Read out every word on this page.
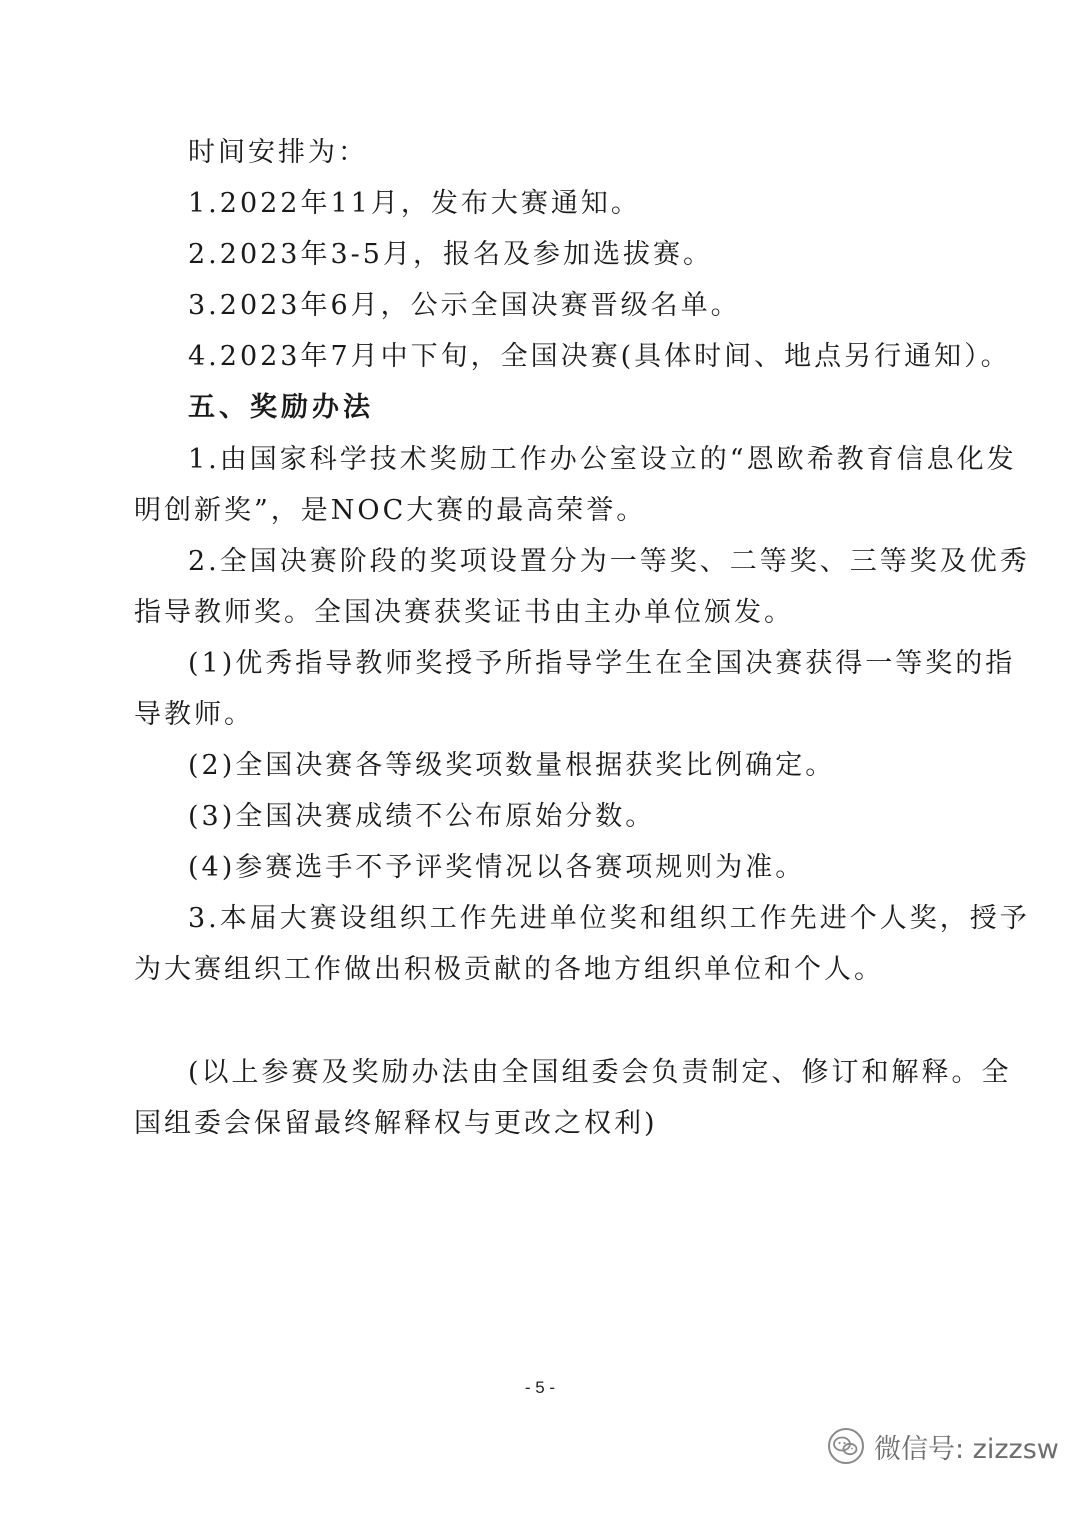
时间安排为：
1.2022年11月，发布大赛通知。
2.2023年3-5月，报名及参加选拔赛。
3.2023年6月，公示全国决赛晋级名单。
4.2023年7月中下旬，全国决赛(具体时间、地点另行通知）。
五、奖励办法
1.由国家科学技术奖励工作办公室设立的“恩欧希教育信息化发
明创新奖”，是NOC大赛的最高荣誉。
2.全国决赛阶段的奖项设置分为一等奖、二等奖、三等奖及优秀
指导教师奖。全国决赛获奖证书由主办单位颁发。
(1)优秀指导教师奖授予所指导学生在全国决赛获得一等奖的指
导教师。
(2)全国决赛各等级奖项数量根据获奖比例确定。
(3)全国决赛成绩不公布原始分数。
(4)参赛选手不予评奖情况以各赛项规则为准。
3.本届大赛设组织工作先进单位奖和组织工作先进个人奖，授予
为大赛组织工作做出积极贡献的各地方组织单位和个人。
(以上参赛及奖励办法由全国组委会负责制定、修订和解释。全
国组委会保留最终解释权与更改之权利)
- 5 -
微信号: zizzsw
